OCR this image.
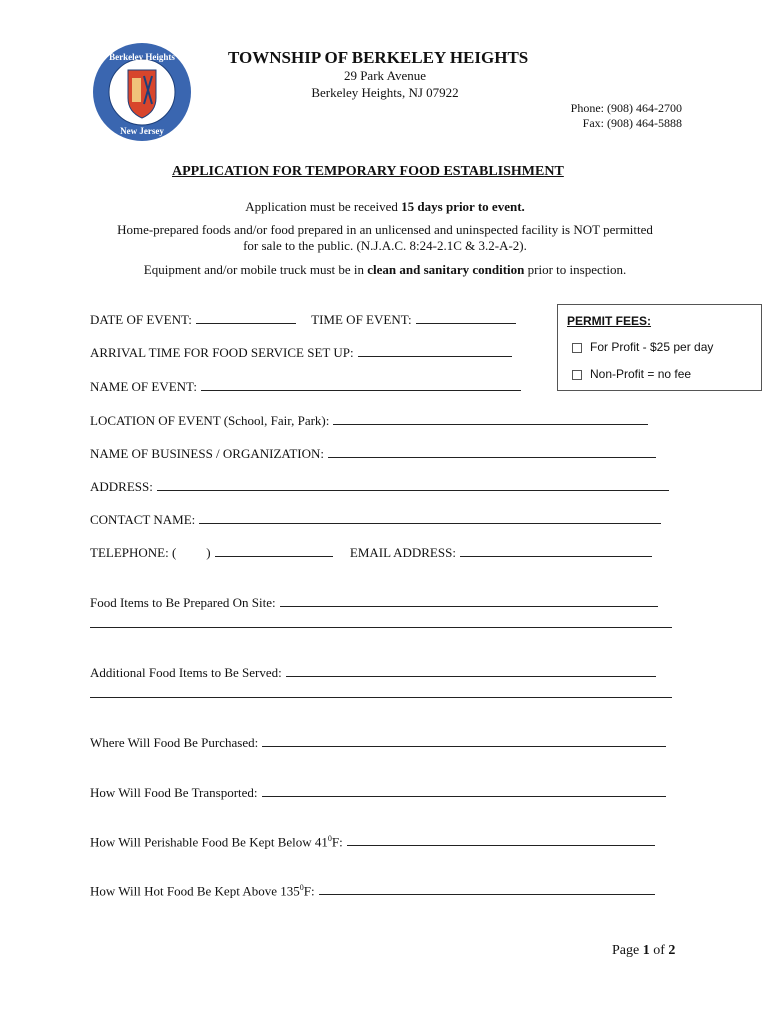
Berkeley Heights
New Jersey
TOWNSHIP OF BERKELEY HEIGHTS
29 Park Avenue
Berkeley Heights, NJ 07922
Phone: (908) 464-2700
Fax: (908) 464-5888
APPLICATION FOR TEMPORARY FOOD ESTABLISHMENT
Application must be received 15 days prior to event.
Home-prepared foods and/or food prepared in an unlicensed and uninspected facility is NOT permitted
for sale to the public. (N.J.A.C. 8:24-2.1C & 3.2-A-2).
Equipment and/or mobile truck must be in clean and sanitary condition prior to inspection.
DATE OF EVENT:	TIME OF EVENT:
ARRIVAL TIME FOR FOOD SERVICE SET UP:
NAME OF EVENT:
PERMIT FEES:
For Profit - $25 per day
Non-Profit = no fee
LOCATION OF EVENT (School, Fair, Park):
NAME OF BUSINESS / ORGANIZATION:
ADDRESS:
CONTACT NAME:
TELEPHONE: ( )	EMAIL ADDRESS:
Food Items to Be Prepared On Site:
Additional Food Items to Be Served:
Where Will Food Be Purchased:
How Will Food Be Transported:
How Will Perishable Food Be Kept Below $41^0F$:
How Will Hot Food Be Kept Above $135^0F$:
Page 1 of 2
